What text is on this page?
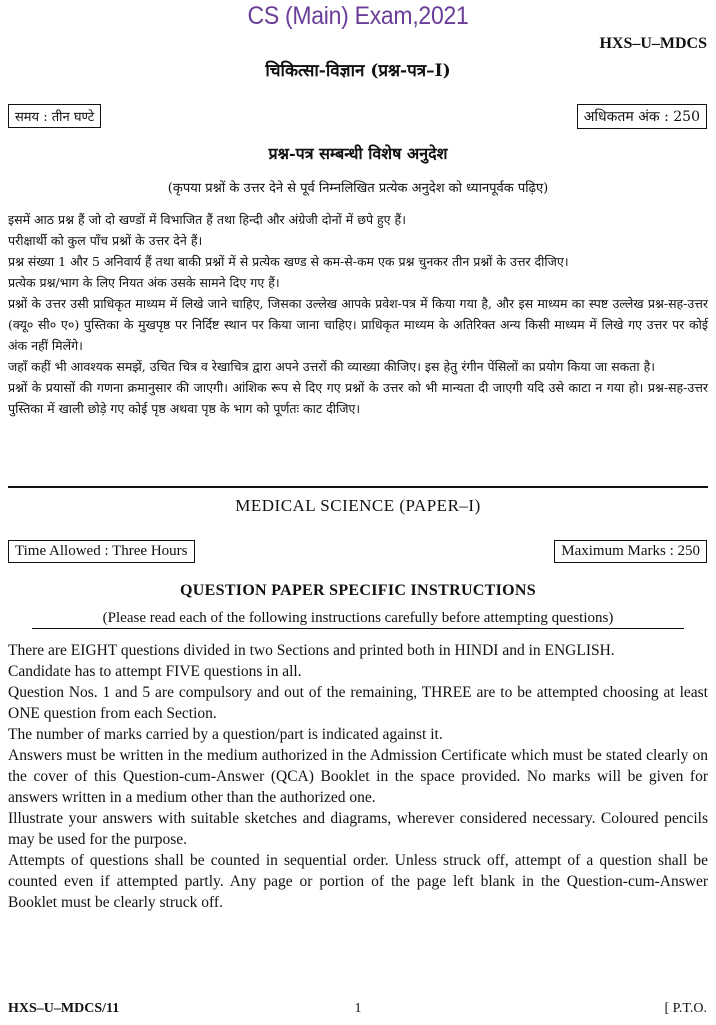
CS (Main) Exam,2021
HXS–U–MDCS
चिकित्सा-विज्ञान (प्रश्न-पत्र–I)
समय : तीन घण्टे	अधिकतम अंक : 250
प्रश्न-पत्र सम्बन्धी विशेष अनुदेश
(कृपया प्रश्नों के उत्तर देने से पूर्व निम्नलिखित प्रत्येक अनुदेश को ध्यानपूर्वक पढ़िए)

इसमें आठ प्रश्न हैं जो दो खण्डों में विभाजित हैं तथा हिन्दी और अंग्रेजी दोनों में छपे हुए हैं।

परीक्षार्थी को कुल पाँच प्रश्नों के उत्तर देने हैं।

प्रश्न संख्या 1 और 5 अनिवार्य हैं तथा बाकी प्रश्नों में से प्रत्येक खण्ड से कम-से-कम एक प्रश्न चुनकर तीन प्रश्नों के उत्तर दीजिए।

प्रत्येक प्रश्न/भाग के लिए नियत अंक उसके सामने दिए गए हैं।

प्रश्नों के उत्तर उसी प्राधिकृत माध्यम में लिखे जाने चाहिए, जिसका उल्लेख आपके प्रवेश-पत्र में किया गया है, और इस माध्यम का स्पष्ट उल्लेख प्रश्न-सह-उत्तर (क्यू० सी० ए०) पुस्तिका के मुखपृष्ठ पर निर्दिष्ट स्थान पर किया जाना चाहिए। प्राधिकृत माध्यम के अतिरिक्त अन्य किसी माध्यम में लिखे गए उत्तर पर कोई अंक नहीं मिलेंगे।

जहाँ कहीं भी आवश्यक समझें, उचित चित्र व रेखाचित्र द्वारा अपने उत्तरों की व्याख्या कीजिए। इस हेतु रंगीन पेंसिलों का प्रयोग किया जा सकता है।

प्रश्नों के प्रयासों की गणना क्रमानुसार की जाएगी। आंशिक रूप से दिए गए प्रश्नों के उत्तर को भी मान्यता दी जाएगी यदि उसे काटा न गया हो। प्रश्न-सह-उत्तर पुस्तिका में खाली छोड़े गए कोई पृष्ठ अथवा पृष्ठ के भाग को पूर्णतः काट दीजिए।

MEDICAL SCIENCE (PAPER–I)
Time Allowed : Three Hours	Maximum Marks : 250
QUESTION PAPER SPECIFIC INSTRUCTIONS
(Please read each of the following instructions carefully before attempting questions)

There are EIGHT questions divided in two Sections and printed both in HINDI and in ENGLISH.

Candidate has to attempt FIVE questions in all.

Question Nos. 1 and 5 are compulsory and out of the remaining, THREE are to be attempted choosing at least ONE question from each Section.

The number of marks carried by a question/part is indicated against it.

Answers must be written in the medium authorized in the Admission Certificate which must be stated clearly on the cover of this Question-cum-Answer (QCA) Booklet in the space provided. No marks will be given for answers written in a medium other than the authorized one.

Illustrate your answers with suitable sketches and diagrams, wherever considered necessary. Coloured pencils may be used for the purpose.

Attempts of questions shall be counted in sequential order. Unless struck off, attempt of a question shall be counted even if attempted partly. Any page or portion of the page left blank in the Question-cum-Answer Booklet must be clearly struck off.

HXS–U–MDCS/11	1	[ P.T.O.
